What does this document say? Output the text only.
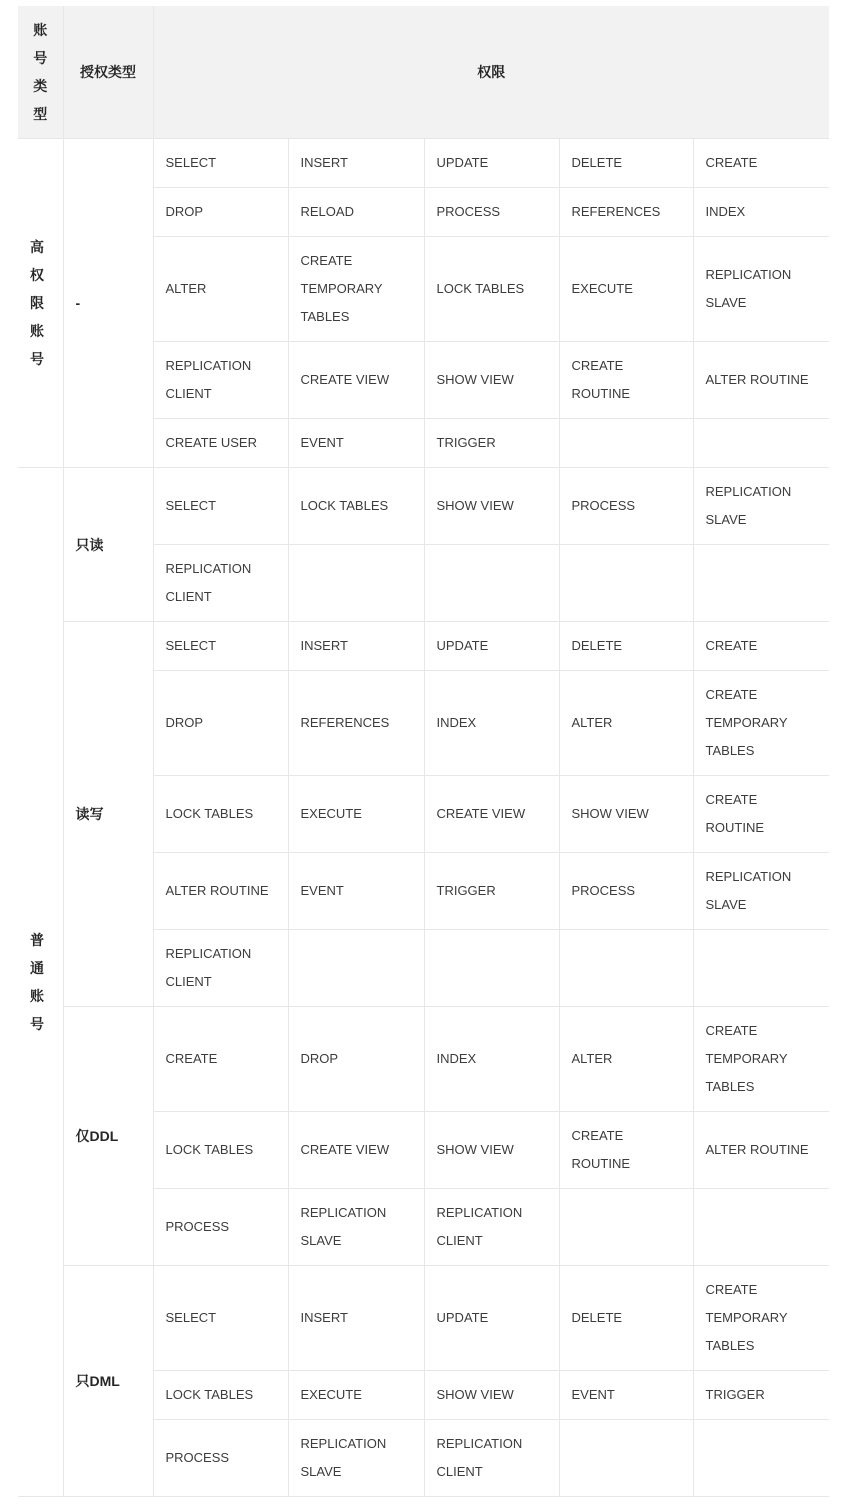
账号类型	授权类型	权限				
高权限账号	-	SELECT	INSERT	UPDATE	DELETE	CREATE
		DROP	RELOAD	PROCESS	REFERENCES	INDEX
		ALTER	CREATE TEMPORARY TABLES	LOCK TABLES	EXECUTE	REPLICATION SLAVE
		REPLICATION CLIENT	CREATE VIEW	SHOW VIEW	CREATE ROUTINE	ALTER ROUTINE
		CREATE USER	EVENT	TRIGGER		
普通账号	只读	SELECT	LOCK TABLES	SHOW VIEW	PROCESS	REPLICATION SLAVE
		REPLICATION CLIENT				
	读写	SELECT	INSERT	UPDATE	DELETE	CREATE
		DROP	REFERENCES	INDEX	ALTER	CREATE TEMPORARY TABLES
		LOCK TABLES	EXECUTE	CREATE VIEW	SHOW VIEW	CREATE ROUTINE
		ALTER ROUTINE	EVENT	TRIGGER	PROCESS	REPLICATION SLAVE
		REPLICATION CLIENT				
	仅DDL	CREATE	DROP	INDEX	ALTER	CREATE TEMPORARY TABLES
		LOCK TABLES	CREATE VIEW	SHOW VIEW	CREATE ROUTINE	ALTER ROUTINE
		PROCESS	REPLICATION SLAVE	REPLICATION CLIENT		
	只DML	SELECT	INSERT	UPDATE	DELETE	CREATE TEMPORARY TABLES
		LOCK TABLES	EXECUTE	SHOW VIEW	EVENT	TRIGGER
		PROCESS	REPLICATION SLAVE	REPLICATION CLIENT		
